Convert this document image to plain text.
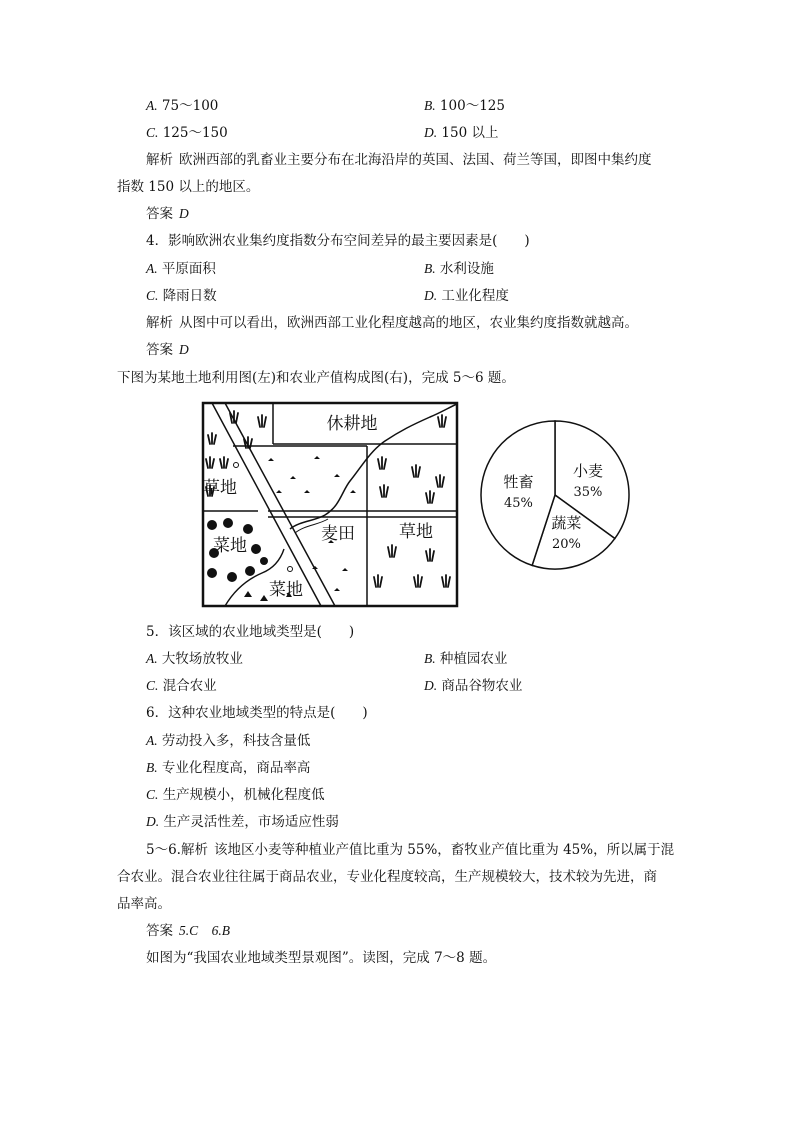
A. 75～100	B. 100～125
C. 125～150	D. 150 以上
解析 欧洲西部的乳畜业主要分布在北海沿岸的英国、法国、荷兰等国，即图中集约度
指数 150 以上的地区。
答案 D
4．影响欧洲农业集约度指数分布空间差异的最主要因素是(　　)
A. 平原面积	B. 水利设施
C. 降雨日数	D. 工业化程度
解析 从图中可以看出，欧洲西部工业化程度越高的地区，农业集约度指数就越高。
答案 D
下图为某地土地利用图(左)和农业产值构成图(右)，完成 5～6 题。
休耕地
草地
菜地
麦田	草地
菜地
小麦
35%
蔬菜
20%
牲畜
45%
5．该区域的农业地域类型是(　　)
A. 大牧场放牧业	B. 种植园农业
C. 混合农业	D. 商品谷物农业
6．这种农业地域类型的特点是(　　)
A. 劳动投入多，科技含量低
B. 专业化程度高，商品率高
C. 生产规模小，机械化程度低
D. 生产灵活性差，市场适应性弱
5～6.解析 该地区小麦等种植业产值比重为 55%，畜牧业产值比重为 45%，所以属于混
合农业。混合农业往往属于商品农业，专业化程度较高，生产规模较大，技术较为先进，商
品率高。
答案 5.C　6.B
如图为“我国农业地域类型景观图”。读图，完成 7～8 题。
